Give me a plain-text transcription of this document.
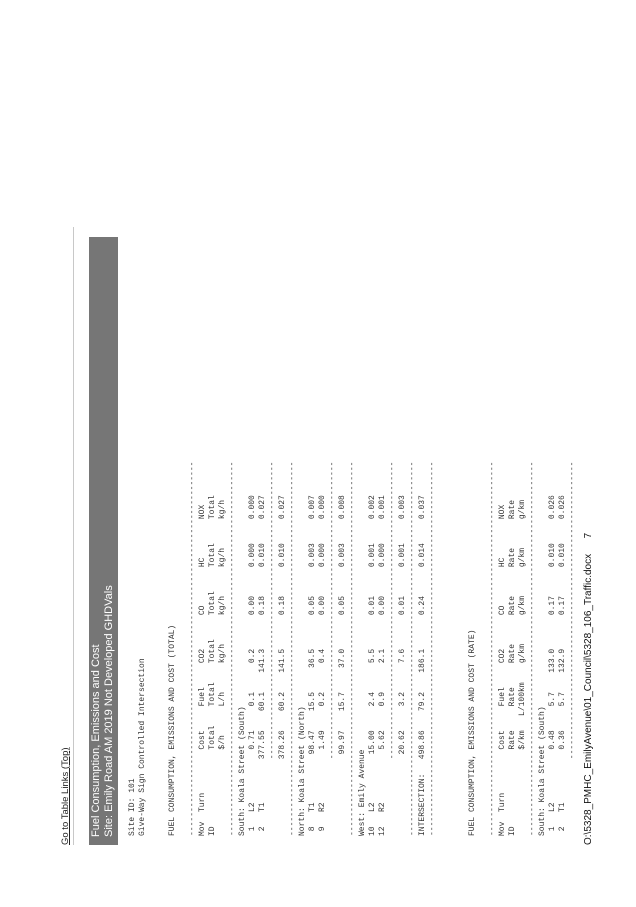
Go to Table Links (Top) Fuel Consumption, Emissions and Cost Site: Emily Road AM 2019 Not Developed GHDVals Site ID: 101 Give-Way Sign Controlled Intersection	FUEL CONSUMPTION, EMISSIONS AND COST (TOTAL) ------------------------------------------------------------------------------
Mov  Turn         Cost     Fuel     CO2       CO        HC        NOX
ID                Total    Total    Total     Total     Total     Total
$/h      L/h      kg/h      kg/h      kg/h      kg/h
------------------------------------------------------------------------------
South: Koala Street (South)
1   L2           0.71     0.1      0.2       0.00      0.000     0.000
2   T1         377.55    60.1    141.3       0.18      0.010     0.027
--------------------------------------------------------------
378.26    60.2    141.5       0.18      0.010     0.027
------------------------------------------------------------------------------
North: Koala Street (North)
8   T1          98.47    15.5     36.5       0.05      0.003     0.007
9   R2           1.49     0.2      0.4       0.00      0.000     0.000
--------------------------------------------------------------
99.97    15.7     37.0       0.05      0.003     0.008
------------------------------------------------------------------------------
West: Emily Avenue
10   L2          15.00     2.4      5.5       0.01      0.001     0.002
12   R2           5.62     0.9      2.1       0.00      0.000     0.001
--------------------------------------------------------------
20.62     3.2      7.6       0.01      0.001     0.003
------------------------------------------------------------------------------
INTERSECTION:   498.86    79.2    186.1       0.24      0.014     0.037
------------------------------------------------------------------------------	FUEL CONSUMPTION, EMISSIONS AND COST (RATE) ------------------------------------------------------------------------------
Mov  Turn         Cost     Fuel     CO2       CO        HC        NOX
ID                Rate     Rate     Rate      Rate      Rate      Rate
$/km   L/100km    g/km      g/km      g/km      g/km
------------------------------------------------------------------------------
South: Koala Street (South)
1   L2           0.48     5.7    133.0       0.17      0.010     0.026
2   T1           0.36     5.7    132.9       0.17      0.010     0.026
-------------------------------------------------------------- O:\5328_PMHC_EmilyAvenue\01_Council\5328_106_Traffic.docx  7
